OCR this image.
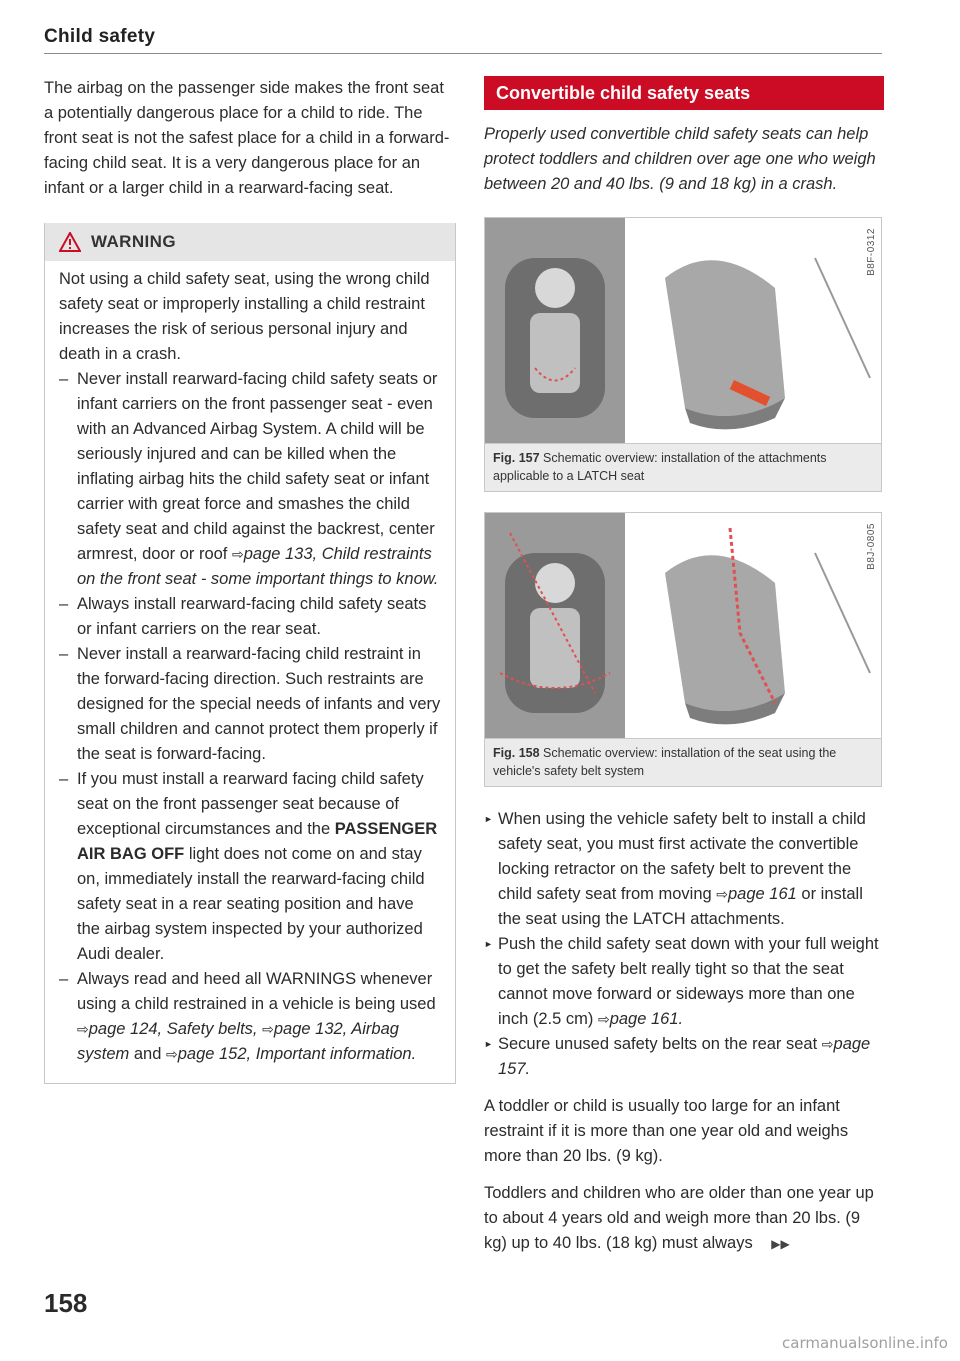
Child safety

The airbag on the passenger side makes the front seat a potentially dangerous place for a child to ride. The front seat is not the safest place for a child in a forward-facing child seat. It is a very dangerous place for an infant or a larger child in a rearward-facing seat.

WARNING

Not using a child safety seat, using the wrong child safety seat or improperly installing a child restraint increases the risk of serious personal injury and death in a crash.

– Never install rearward-facing child safety seats or infant carriers on the front passenger seat - even with an Advanced Airbag System. A child will be seriously injured and can be killed when the inflating airbag hits the child safety seat or infant carrier with great force and smashes the child safety seat and child against the backrest, center armrest, door or roof ⇨page 133, Child restraints on the front seat - some important things to know.
– Always install rearward-facing child safety seats or infant carriers on the rear seat.
– Never install a rearward-facing child restraint in the forward-facing direction. Such restraints are designed for the special needs of infants and very small children and cannot protect them properly if the seat is forward-facing.
– If you must install a rearward facing child safety seat on the front passenger seat because of exceptional circumstances and the PASSENGER AIR BAG OFF light does not come on and stay on, immediately install the rearward-facing child safety seat in a rear seating position and have the airbag system inspected by your authorized Audi dealer.
– Always read and heed all WARNINGS whenever using a child restrained in a vehicle is being used ⇨page 124, Safety belts, ⇨page 132, Airbag system and ⇨page 152, Important information.
Convertible child safety seats

Properly used convertible child safety seats can help protect toddlers and children over age one who weigh between 20 and 40 lbs. (9 and 18 kg) in a crash.

B8F-0312
Fig. 157 Schematic overview: installation of the attachments applicable to a LATCH seat
B8J-0805
Fig. 158 Schematic overview: installation of the seat using the vehicle's safety belt system
► When using the vehicle safety belt to install a child safety seat, you must first activate the convertible locking retractor on the safety belt to prevent the child safety seat from moving ⇨page 161 or install the seat using the LATCH attachments.
► Push the child safety seat down with your full weight to get the safety belt really tight so that the seat cannot move forward or sideways more than one inch (2.5 cm) ⇨page 161.
► Secure unused safety belts on the rear seat ⇨page 157.

A toddler or child is usually too large for an infant restraint if it is more than one year old and weighs more than 20 lbs. (9 kg).

Toddlers and children who are older than one year up to about 4 years old and weigh more than 20 lbs. (9 kg) up to 40 lbs. (18 kg) must always ▶▶

158
carmanualsonline.info
